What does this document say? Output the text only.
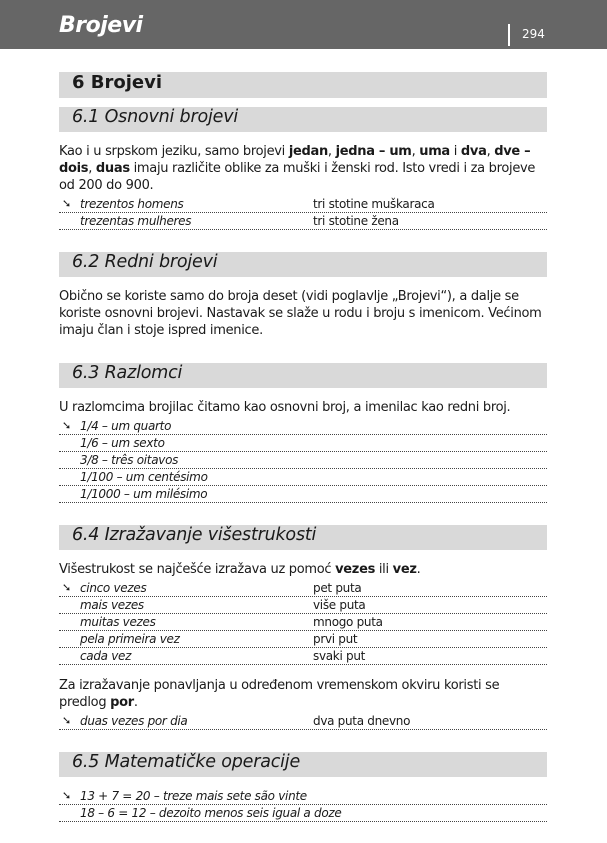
Brojevi	294
6 Brojevi
6.1 Osnovni brojevi
Kao i u srpskom jeziku, samo brojevi jedan, jedna – um, uma i dva, dve – dois, duas imaju različite oblike za muški i ženski rod. Isto vredi i za brojeve od 200 do 900.
➘ trezentos homens	tri stotine muškaraca
trezentas mulheres	tri stotine žena
6.2 Redni brojevi
Obično se koriste samo do broja deset (vidi poglavlje „Brojevi“), a dalje se koriste osnovni brojevi. Nastavak se slaže u rodu i broju s imenicom. Većinom imaju član i stoje ispred imenice.
6.3 Razlomci
U razlomcima brojilac čitamo kao osnovni broj, a imenilac kao redni broj.
➘ 1/4 – um quarto
1/6 – um sexto
3/8 – três oitavos
1/100 – um centésimo
1/1000 – um milésimo
6.4 Izražavanje višestrukosti
Višestrukost se najčešće izražava uz pomoć vezes ili vez.
➘ cinco vezes	pet puta
mais vezes	više puta
muitas vezes	mnogo puta
pela primeira vez	prvi put
cada vez	svaki put
Za izražavanje ponavljanja u određenom vremenskom okviru koristi se predlog por.
➘ duas vezes por dia	dva puta dnevno
6.5 Matematičke operacije
➘ 13 + 7 = 20 – treze mais sete são vinte
18 – 6 = 12 – dezoito menos seis igual a doze
